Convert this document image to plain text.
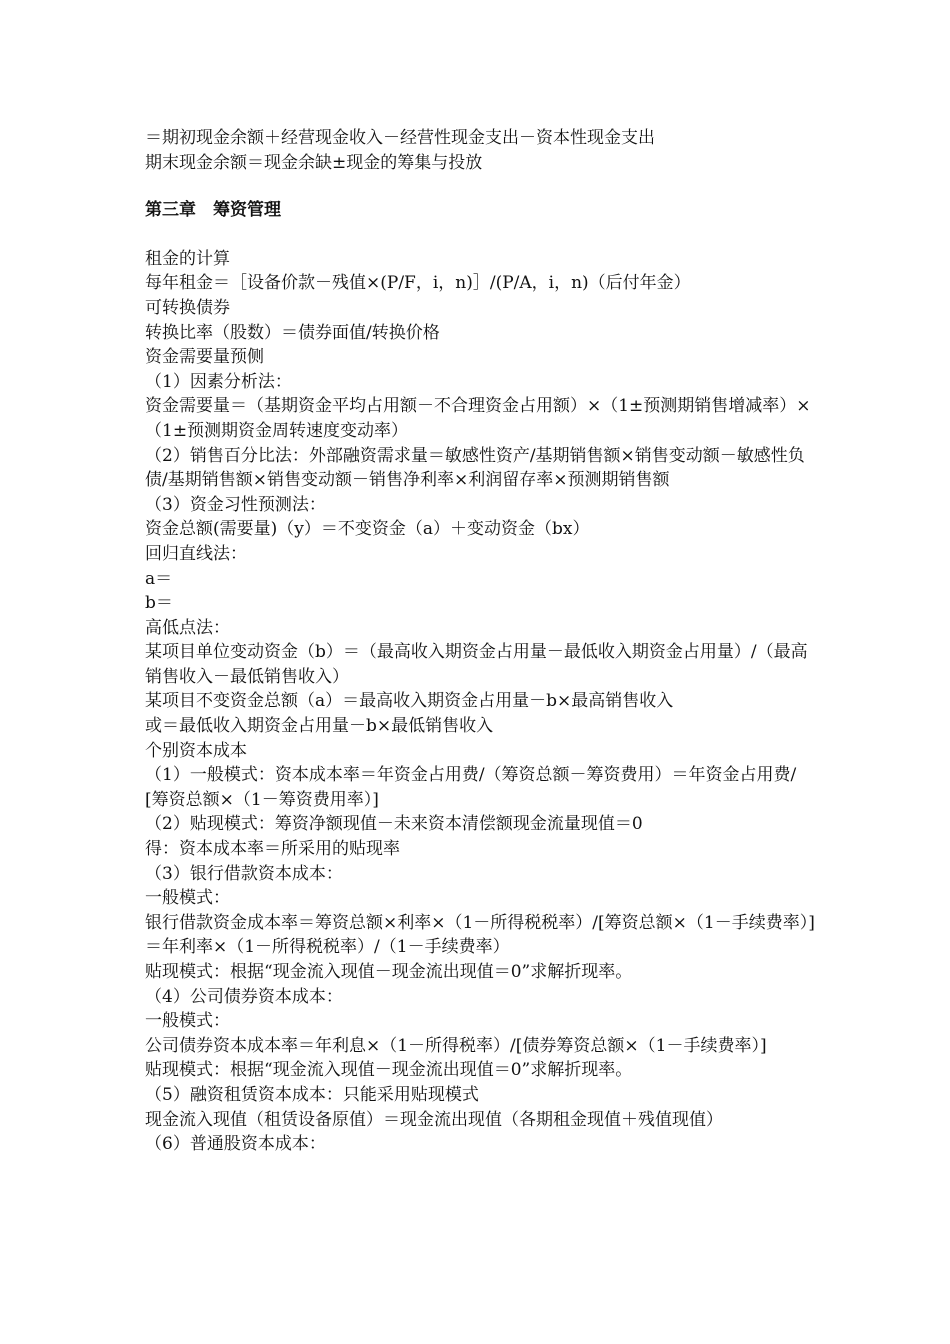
＝期初现金余额＋经营现金收入－经营性现金支出－资本性现金支出

期末现金余额＝现金余缺±现金的筹集与投放

第三章　筹资管理

租金的计算

每年租金＝［设备价款－残值×(P/F，i，n)］/(P/A，i，n)（后付年金）

可转换债券

转换比率（股数）＝债券面值/转换价格

资金需要量预侧

（1）因素分析法：

资金需要量＝（基期资金平均占用额－不合理资金占用额）×（1±预测期销售增减率）×（1±预测期资金周转速度变动率）

（2）销售百分比法：外部融资需求量＝敏感性资产/基期销售额×销售变动额－敏感性负债/基期销售额×销售变动额－销售净利率×利润留存率×预测期销售额

（3）资金习性预测法：

资金总额(需要量)（y）＝不变资金（a）＋变动资金（bx）

回归直线法：

a＝

b＝

高低点法：

某项目单位变动资金（b）＝（最高收入期资金占用量－最低收入期资金占用量）/（最高销售收入－最低销售收入）

某项目不变资金总额（a）＝最高收入期资金占用量－b×最高销售收入

或＝最低收入期资金占用量－b×最低销售收入

个别资本成本

（1）一般模式：资本成本率＝年资金占用费/（筹资总额－筹资费用）＝年资金占用费/[筹资总额×（1－筹资费用率）]

（2）贴现模式：筹资净额现值－未来资本清偿额现金流量现值＝0

得：资本成本率＝所采用的贴现率

（3）银行借款资本成本：

一般模式：

银行借款资金成本率＝筹资总额×利率×（1－所得税税率）/[筹资总额×（1－手续费率）]＝年利率×（1－所得税税率）/（1－手续费率）

贴现模式：根据“现金流入现值－现金流出现值＝0”求解折现率。

（4）公司债券资本成本：

一般模式：

公司债券资本成本率＝年利息×（1－所得税率）/[债券筹资总额×（1－手续费率）]

贴现模式：根据“现金流入现值－现金流出现值＝0”求解折现率。

（5）融资租赁资本成本：只能采用贴现模式

现金流入现值（租赁设备原值）＝现金流出现值（各期租金现值＋残值现值）

（6）普通股资本成本：
